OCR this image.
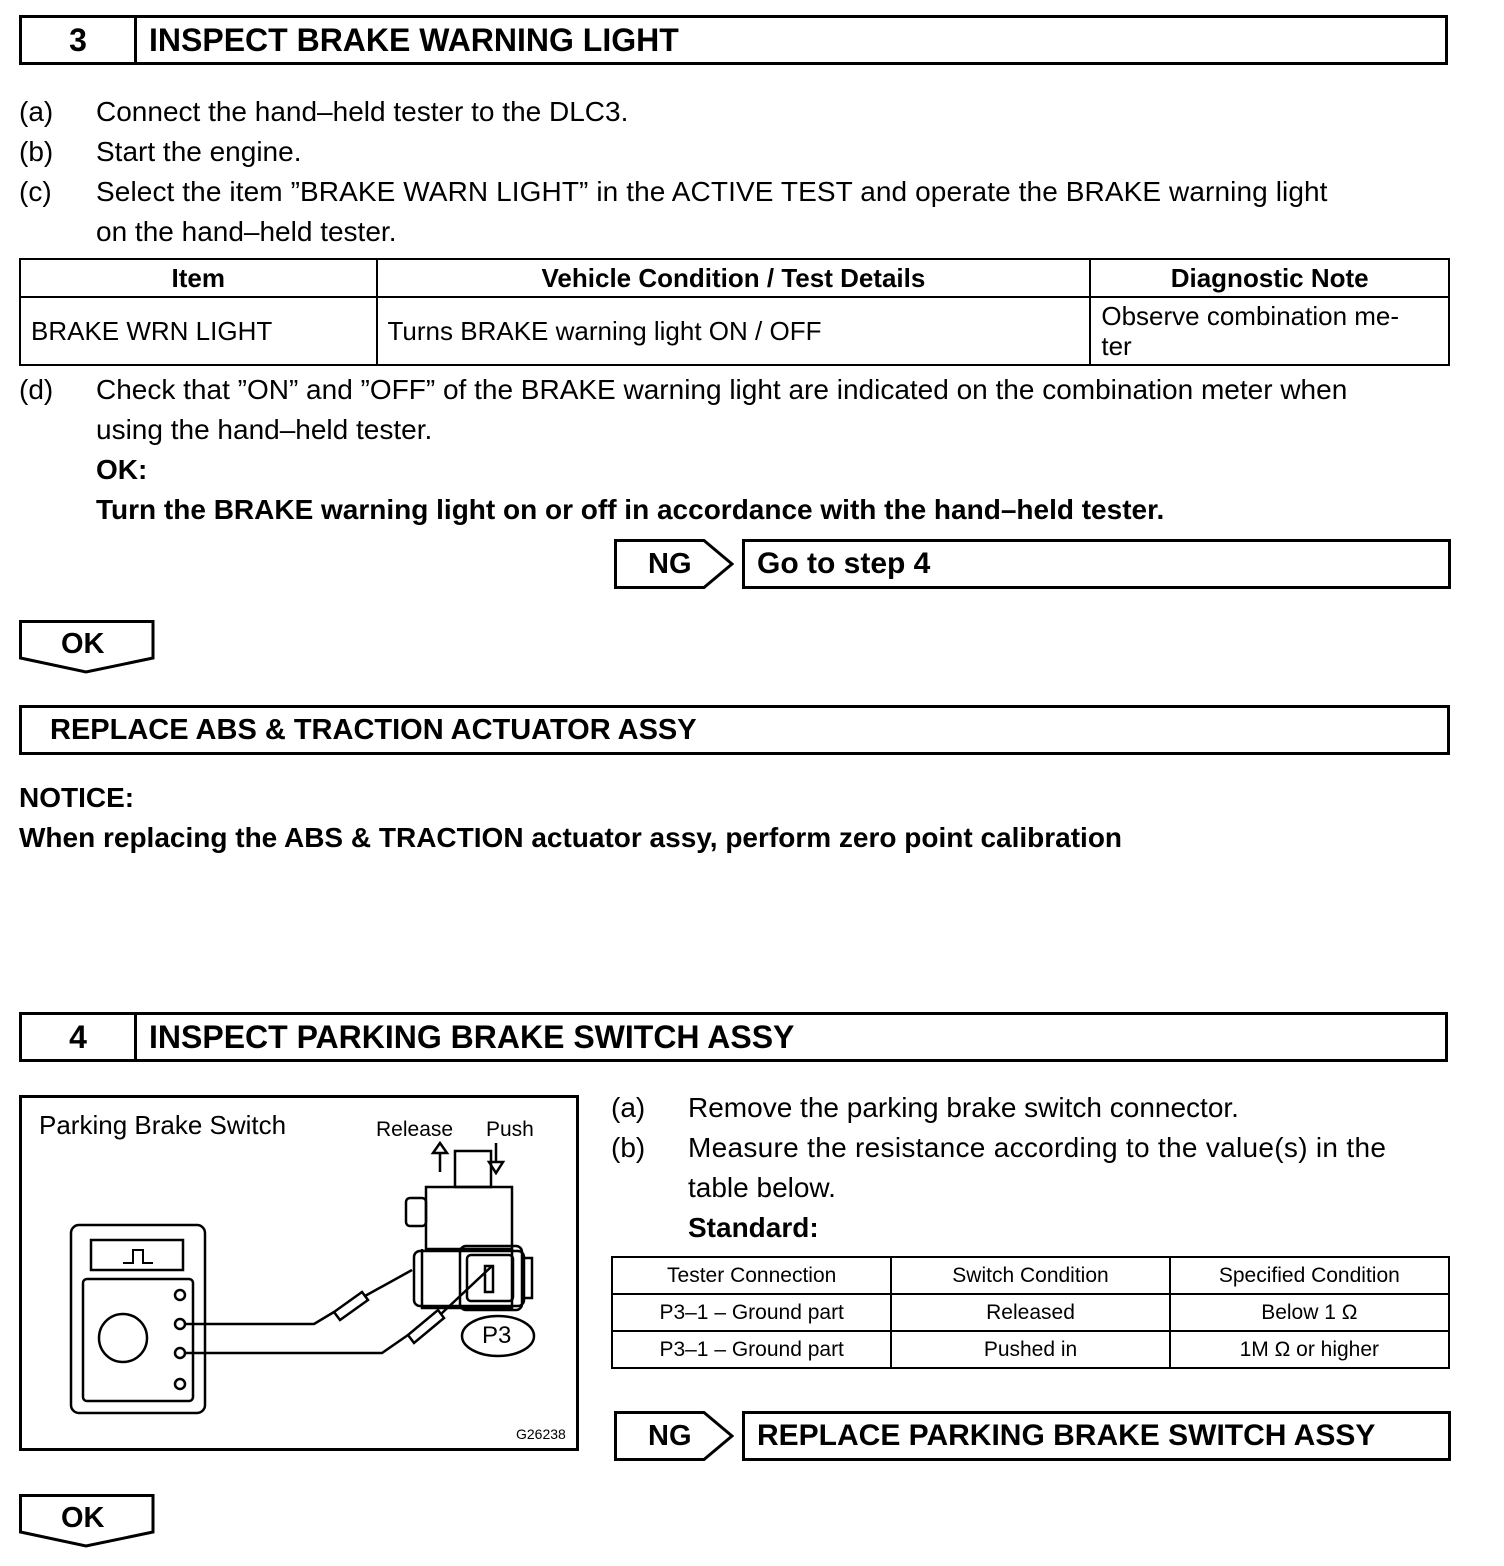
3	INSPECT BRAKE WARNING LIGHT
(a) Connect the hand–held tester to the DLC3.
(b) Start the engine.
(c) Select the item ”BRAKE WARN LIGHT” in the ACTIVE TEST and operate the BRAKE warning light
on the hand–held tester.
Item	Vehicle Condition / Test Details	Diagnostic Note
BRAKE WRN LIGHT	Turns BRAKE warning light ON / OFF	Observe combination me-
ter
(d) Check that ”ON” and ”OFF” of the BRAKE warning light are indicated on the combination meter when
using the hand–held tester.
OK:
Turn the BRAKE warning light on or off in accordance with the hand–held tester.
NG	Go to step 4
OK
REPLACE ABS & TRACTION ACTUATOR ASSY
NOTICE:
When replacing the ABS & TRACTION actuator assy, perform zero point calibration
4	INSPECT PARKING BRAKE SWITCH ASSY
Parking Brake Switch	Release Push
G26238
P3
(a) Remove the parking brake switch connector.
(b) Measure the resistance according to the value(s) in the
table below.
Standard:
Tester Connection	Switch Condition	Specified Condition
P3–1 – Ground part	Released	Below 1 Ω
P3–1 – Ground part	Pushed in	1M Ω or higher
NG	REPLACE PARKING BRAKE SWITCH ASSY
OK
